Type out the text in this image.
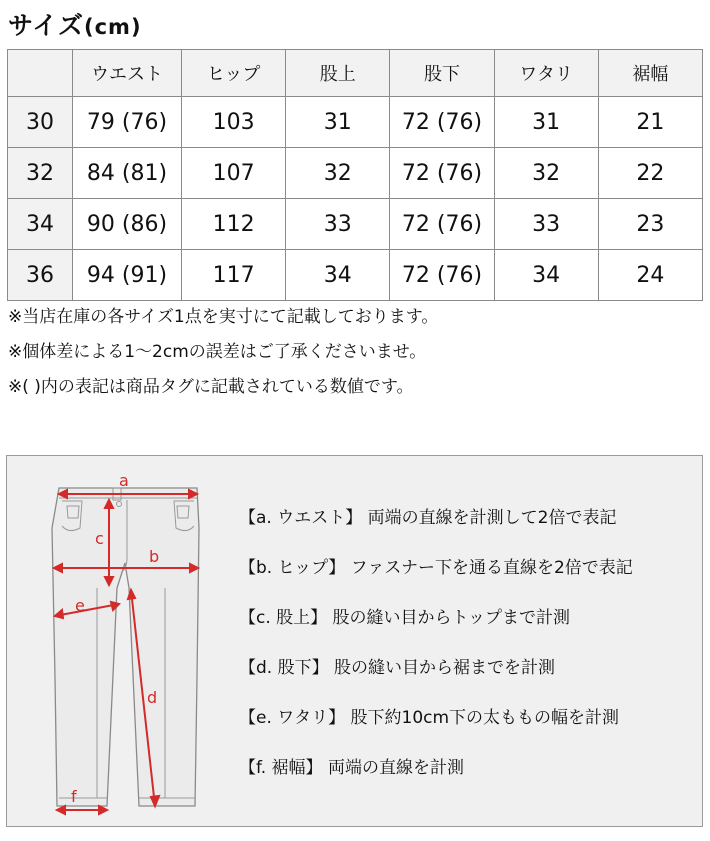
サイズ(cm)
	ウエスト	ヒップ	股上	股下	ワタリ	裾幅
30	79 (76)	103	31	72 (76)	31	21
32	84 (81)	107	32	72 (76)	32	22
34	90 (86)	112	33	72 (76)	33	23
36	94 (91)	117	34	72 (76)	34	24
※当店在庫の各サイズ1点を実寸にて記載しております。
※個体差による1〜2cmの誤差はご了承くださいませ。
※( )内の表記は商品タグに記載されている数値です。
a
c
b
e
d
f
【a. ウエスト】 両端の直線を計測して2倍で表記
【b. ヒップ】 ファスナー下を通る直線を2倍で表記
【c. 股上】 股の縫い目からトップまで計測
【d. 股下】 股の縫い目から裾までを計測
【e. ワタリ】 股下約10cm下の太ももの幅を計測
【f. 裾幅】 両端の直線を計測
